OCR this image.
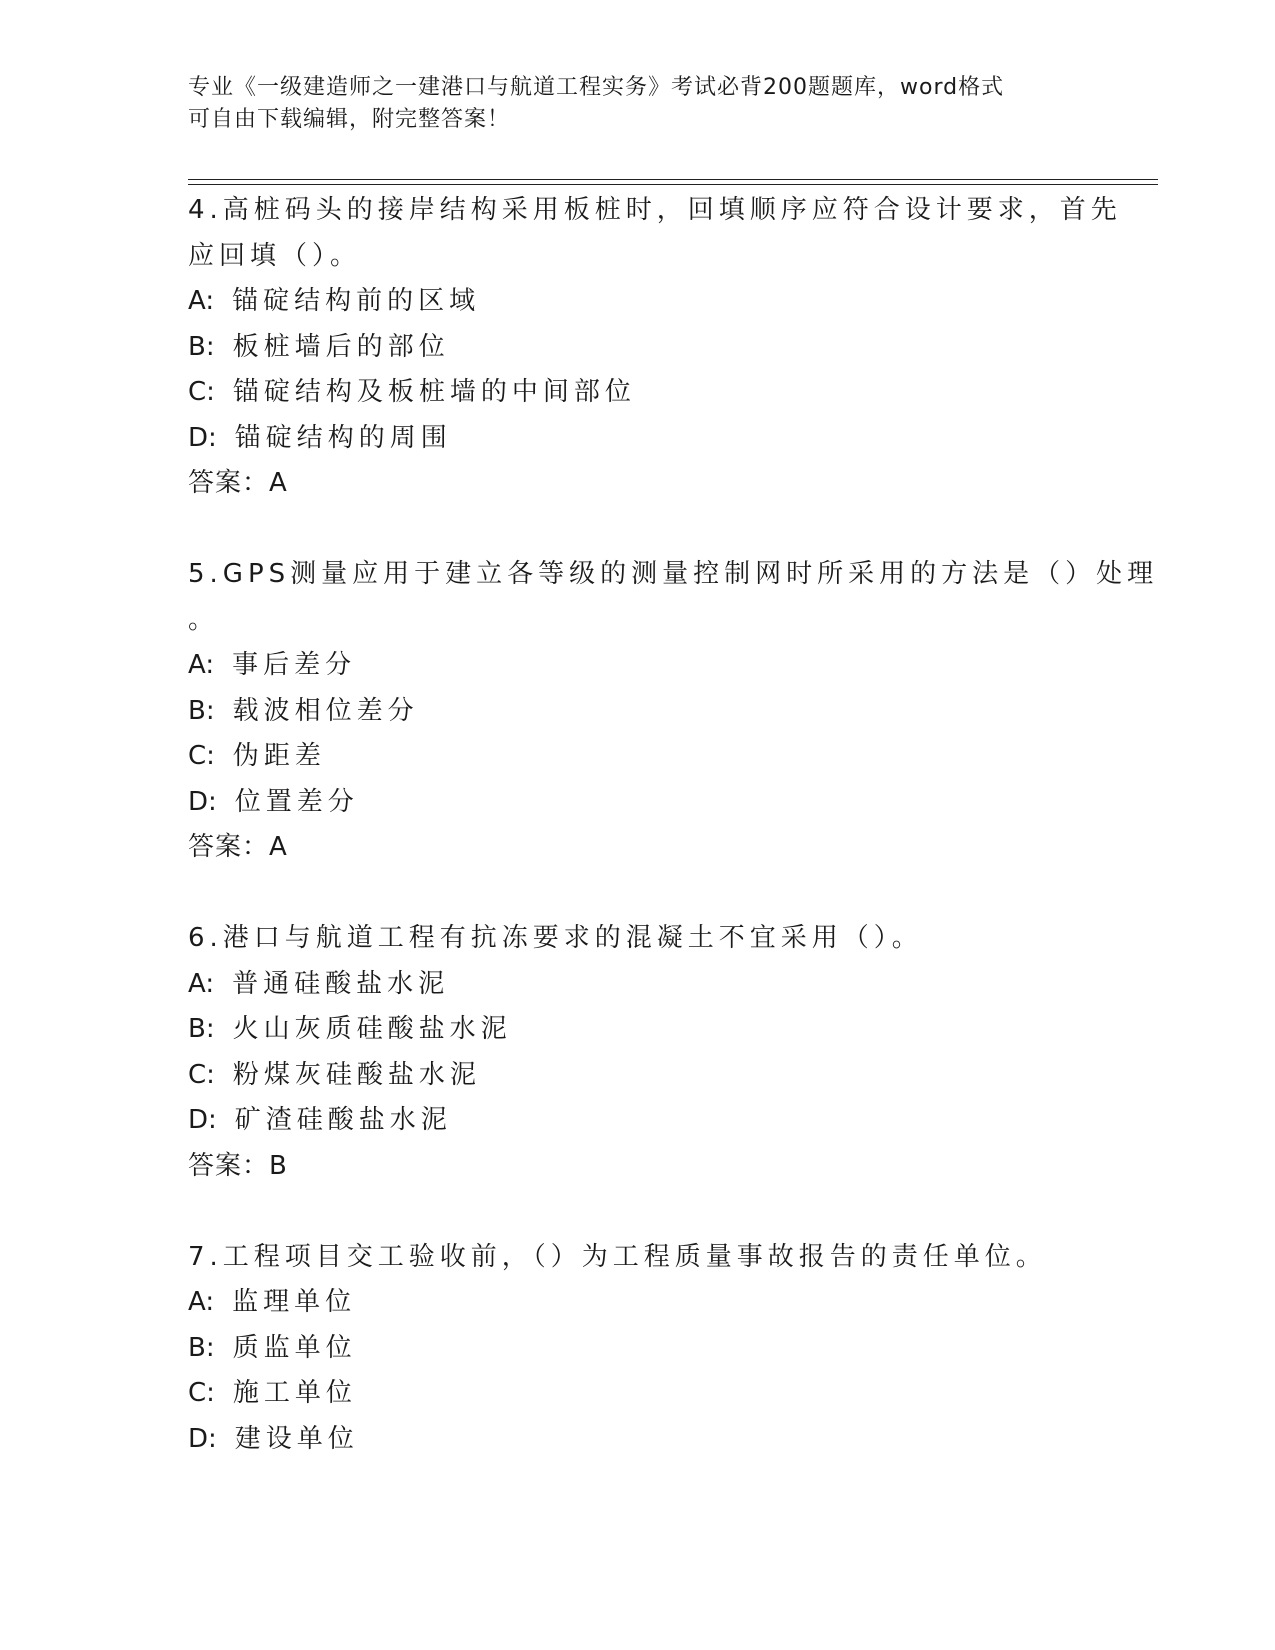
专业《一级建造师之一建港口与航道工程实务》考试必背200题题库，word格式
可自由下载编辑，附完整答案！
4.高桩码头的接岸结构采用板桩时，回填顺序应符合设计要求，首先
应回填（）。
A: 锚碇结构前的区域
B: 板桩墙后的部位
C: 锚碇结构及板桩墙的中间部位
D: 锚碇结构的周围
答案：A
5.GPS测量应用于建立各等级的测量控制网时所采用的方法是（）处理
。
A: 事后差分
B: 载波相位差分
C: 伪距差
D: 位置差分
答案：A
6.港口与航道工程有抗冻要求的混凝土不宜采用（）。
A: 普通硅酸盐水泥
B: 火山灰质硅酸盐水泥
C: 粉煤灰硅酸盐水泥
D: 矿渣硅酸盐水泥
答案：B
7.工程项目交工验收前，（）为工程质量事故报告的责任单位。
A: 监理单位
B: 质监单位
C: 施工单位
D: 建设单位
